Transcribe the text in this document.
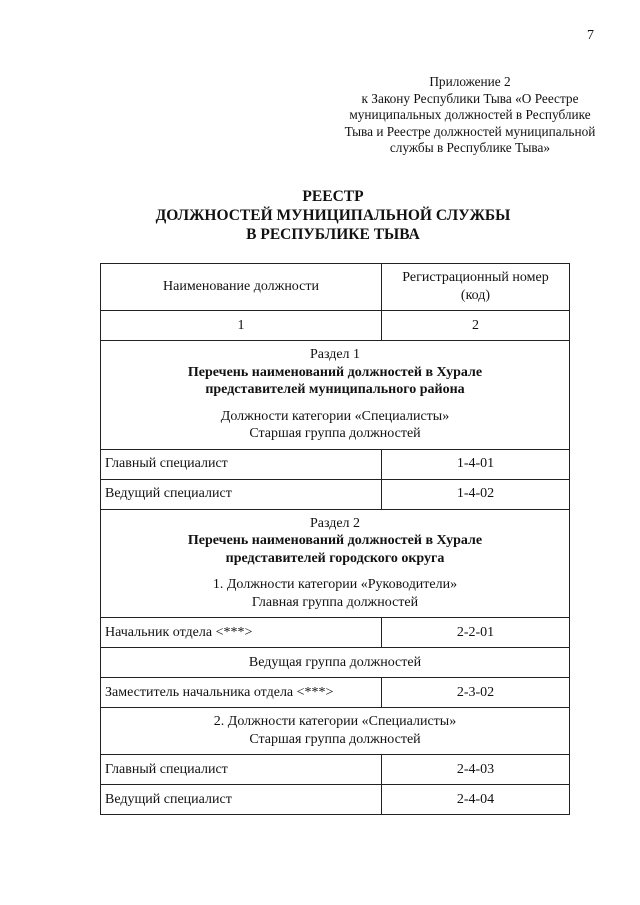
7
Приложение 2
к Закону Республики Тыва «О Реестре
муниципальных должностей в Республике
Тыва и Реестре должностей муниципальной
службы в Республике Тыва»
РЕЕСТР
ДОЛЖНОСТЕЙ МУНИЦИПАЛЬНОЙ СЛУЖБЫ
В РЕСПУБЛИКЕ ТЫВА
Наименование должности	Регистрационный номер
(код)

1	2

Раздел 1
Перечень наименований должностей в Хурале
представителей муниципального района
Должности категории «Специалисты»
Старшая группа должностей	

Главный специалист	1-4-01
Ведущий специалист	1-4-02

Раздел 2
Перечень наименований должностей в Хурале
представителей городского округа
1. Должности категории «Руководители»
Главная группа должностей	

Начальник отдела <***>	2-2-01
Ведущая группа должностей	
Заместитель начальника отдела <***>	2-3-02

2. Должности категории «Специалисты»
Старшая группа должностей	

Главный специалист	2-4-03
Ведущий специалист	2-4-04
